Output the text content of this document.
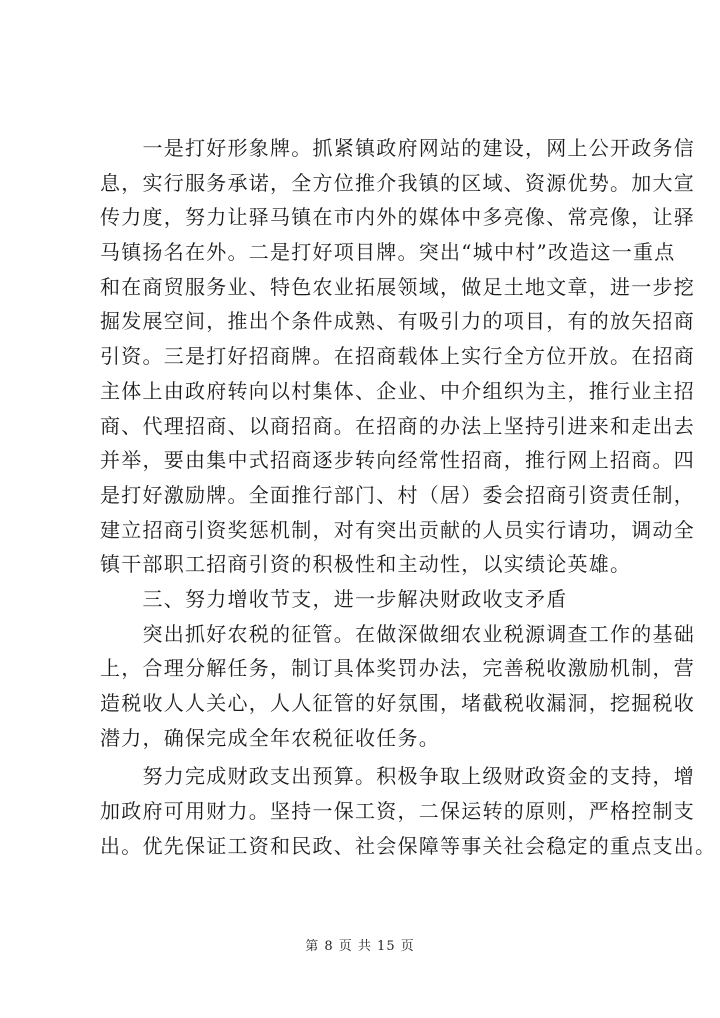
　　一是打好形象牌。抓紧镇政府网站的建设，网上公开政务信
息，实行服务承诺，全方位推介我镇的区域、资源优势。加大宣
传力度，努力让驿马镇在市内外的媒体中多亮像、常亮像，让驿
马镇扬名在外。二是打好项目牌。突出“城中村”改造这一重点
和在商贸服务业、特色农业拓展领域，做足土地文章，进一步挖
掘发展空间，推出个条件成熟、有吸引力的项目，有的放矢招商
引资。三是打好招商牌。在招商载体上实行全方位开放。在招商
主体上由政府转向以村集体、企业、中介组织为主，推行业主招
商、代理招商、以商招商。在招商的办法上坚持引进来和走出去
并举，要由集中式招商逐步转向经常性招商，推行网上招商。四
是打好激励牌。全面推行部门、村（居）委会招商引资责任制，
建立招商引资奖惩机制，对有突出贡献的人员实行请功，调动全
镇干部职工招商引资的积极性和主动性，以实绩论英雄。
　　三、努力增收节支，进一步解决财政收支矛盾
　　突出抓好农税的征管。在做深做细农业税源调查工作的基础
上，合理分解任务，制订具体奖罚办法，完善税收激励机制，营
造税收人人关心，人人征管的好氛围，堵截税收漏洞，挖掘税收
潜力，确保完成全年农税征收任务。
　　努力完成财政支出预算。积极争取上级财政资金的支持，增
加政府可用财力。坚持一保工资，二保运转的原则，严格控制支
出。优先保证工资和民政、社会保障等事关社会稳定的重点支出。
第 8 页 共 15 页
